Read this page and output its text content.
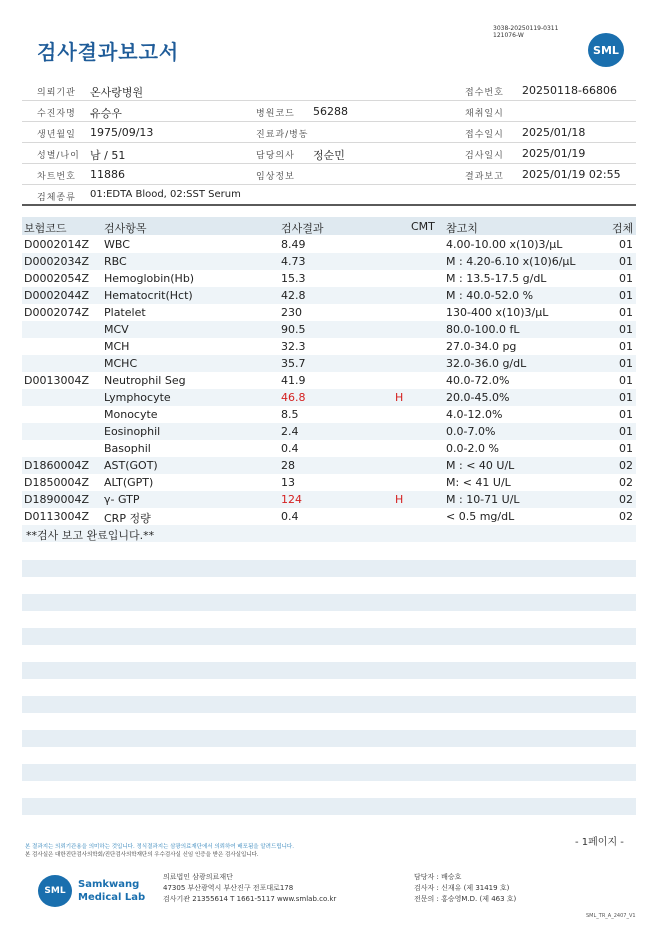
검사결과보고서
3038-20250119-0311
121076-W
SML
의뢰기관 온사랑병원	접수번호 20250118-66806
수진자명 유승우	병원코드 56288	채취일시
생년월일 1975/09/13	진료과/병동	접수일시 2025/01/18
성별/나이 남 / 51	담당의사 정순민	검사일시 2025/01/19
차트번호 11886	임상정보	결과보고 2025/01/19 02:55
검체종류 01:EDTA Blood, 02:SST Serum
보험코드	검사항목	검사결과	CMT 참고치	검체
D0002014Z WBC	8.49	4.00-10.00 x(10)3/μL	01
D0002034Z RBC	4.73	M : 4.20-6.10 x(10)6/μL	01
D0002054Z Hemoglobin(Hb)	15.3	M : 13.5-17.5 g/dL	01
D0002044Z Hematocrit(Hct)	42.8	M : 40.0-52.0 %	01
D0002074Z Platelet	230	130-400 x(10)3/μL	01
MCV	90.5	80.0-100.0 fL	01
MCH	32.3	27.0-34.0 pg	01
MCHC	35.7	32.0-36.0 g/dL	01
D0013004Z Neutrophil Seg	41.9	40.0-72.0%	01
Lymphocyte	46.8	H	20.0-45.0%	01
Monocyte	8.5	4.0-12.0%	01
Eosinophil	2.4	0.0-7.0%	01
Basophil	0.4	0.0-2.0 %	01
D1860004Z AST(GOT)	28	M : < 40 U/L	02
D1850004Z ALT(GPT)	13	M: < 41 U/L	02
D1890004Z γ- GTP	124	H	M : 10-71 U/L	02
D0113004Z CRP 정량	0.4	< 0.5 mg/dL	02
**검사 보고 완료입니다.**
본 결과지는 의뢰기관용을 의미하는 것입니다. 정식결과지는 삼광의료재단에서 의뢰하여 배포됨을 알려드립니다.
본 검사실은 대한진단검사의학회/진단검사의학재단의 우수검사실 신임 인증을 받은 검사실입니다.
- 1페이지 -
SML
Samkwang
Medical Lab
의료법인 삼광의료재단
47305 부산광역시 부산진구 전포대로178
검사기관 21355614 T 1661-5117 www.smlab.co.kr
담당자 : 배승호
검사자 : 신재유 (제 31419 호)
전문의 : 홍승영M.D. (제 463 호)
SML_TR_A_2407_V1
